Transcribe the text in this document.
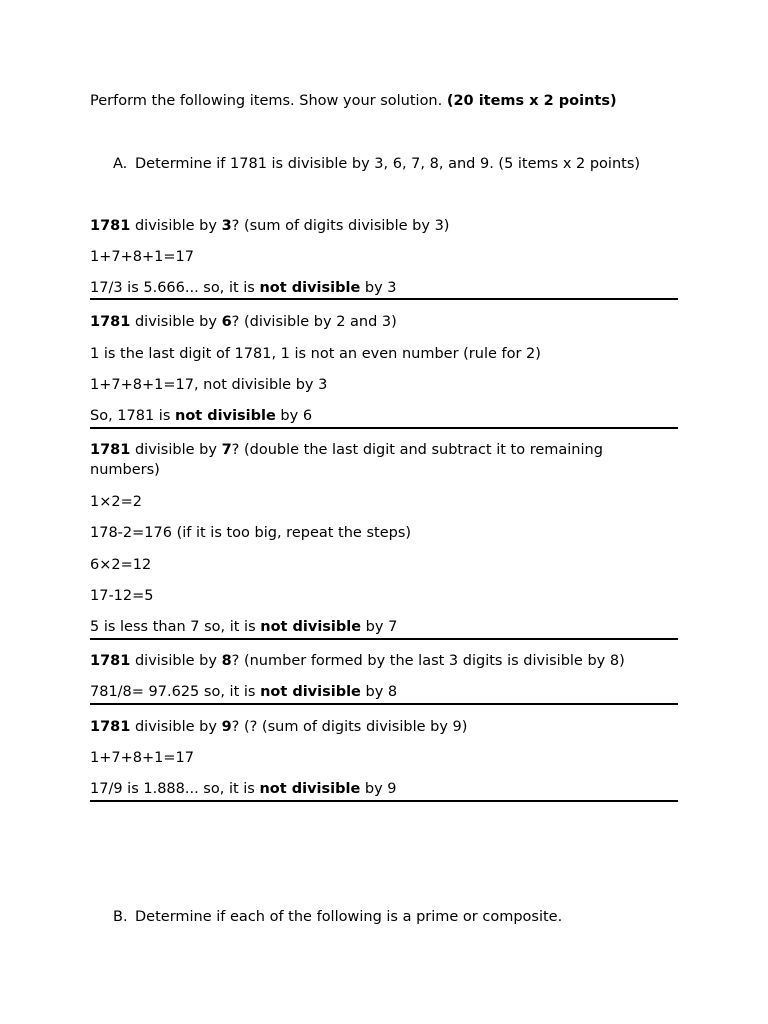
Perform the following items. Show your solution. (20 items x 2 points)
A. Determine if 1781 is divisible by 3, 6, 7, 8, and 9. (5 items x 2 points)
1781 divisible by 3? (sum of digits divisible by 3)
1+7+8+1=17
17/3 is 5.666... so, it is not divisible by 3
1781 divisible by 6? (divisible by 2 and 3)
1 is the last digit of 1781, 1 is not an even number (rule for 2)
1+7+8+1=17, not divisible by 3
So, 1781 is not divisible by 6
1781 divisible by 7? (double the last digit and subtract it to remaining numbers)
1×2=2
178-2=176 (if it is too big, repeat the steps)
6×2=12
17-12=5
5 is less than 7 so, it is not divisible by 7
1781 divisible by 8? (number formed by the last 3 digits is divisible by 8)
781/8= 97.625 so, it is not divisible by 8
1781 divisible by 9? (? (sum of digits divisible by 9)
1+7+8+1=17
17/9 is 1.888... so, it is not divisible by 9
B. Determine if each of the following is a prime or composite.
